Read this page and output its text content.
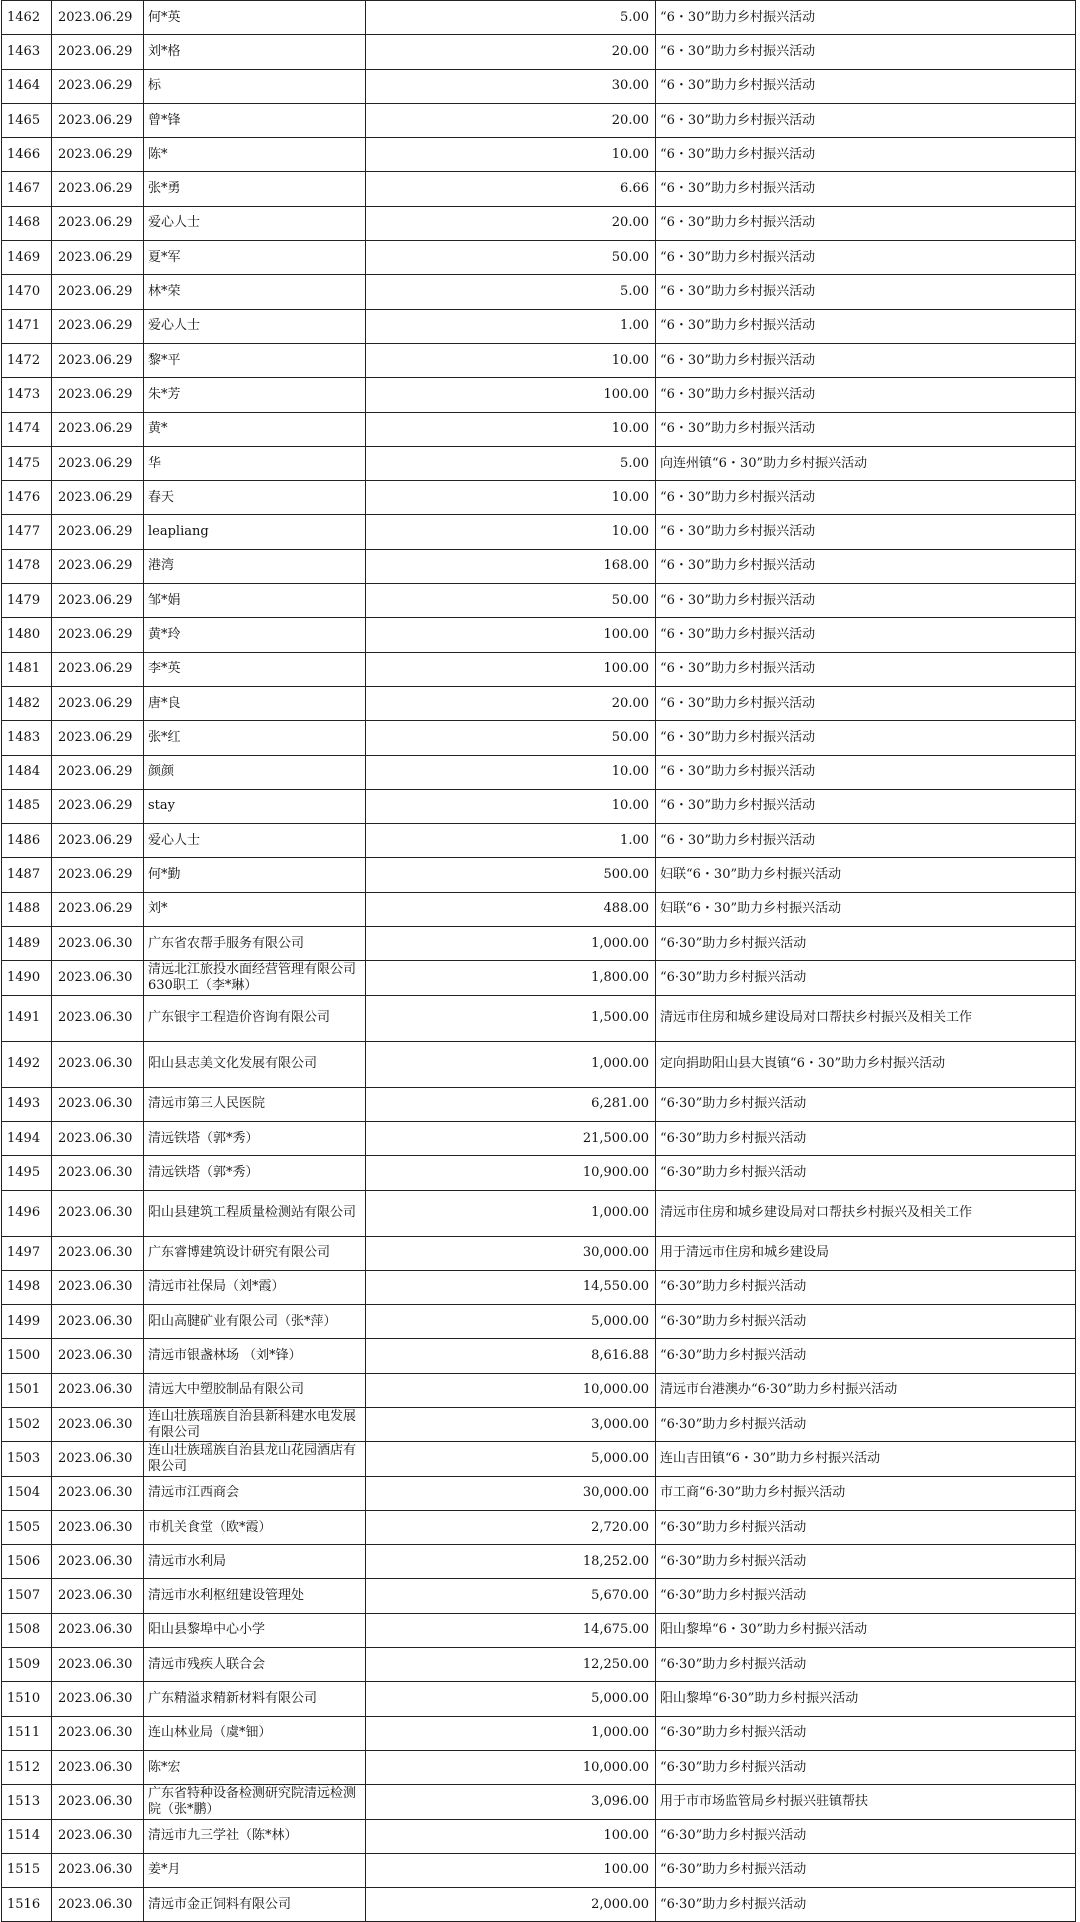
1462	2023.06.29	何*英	5.00	“6・30”助力乡村振兴活动
1463	2023.06.29	刘*格	20.00	“6・30”助力乡村振兴活动
1464	2023.06.29	标	30.00	“6・30”助力乡村振兴活动
1465	2023.06.29	曾*锋	20.00	“6・30”助力乡村振兴活动
1466	2023.06.29	陈*	10.00	“6・30”助力乡村振兴活动
1467	2023.06.29	张*勇	6.66	“6・30”助力乡村振兴活动
1468	2023.06.29	爱心人士	20.00	“6・30”助力乡村振兴活动
1469	2023.06.29	夏*军	50.00	“6・30”助力乡村振兴活动
1470	2023.06.29	林*荣	5.00	“6・30”助力乡村振兴活动
1471	2023.06.29	爱心人士	1.00	“6・30”助力乡村振兴活动
1472	2023.06.29	黎*平	10.00	“6・30”助力乡村振兴活动
1473	2023.06.29	朱*芳	100.00	“6・30”助力乡村振兴活动
1474	2023.06.29	黄*	10.00	“6・30”助力乡村振兴活动
1475	2023.06.29	华	5.00	向连州镇“6・30”助力乡村振兴活动
1476	2023.06.29	春天	10.00	“6・30”助力乡村振兴活动
1477	2023.06.29	leapliang	10.00	“6・30”助力乡村振兴活动
1478	2023.06.29	港湾	168.00	“6・30”助力乡村振兴活动
1479	2023.06.29	邹*娟	50.00	“6・30”助力乡村振兴活动
1480	2023.06.29	黄*玲	100.00	“6・30”助力乡村振兴活动
1481	2023.06.29	李*英	100.00	“6・30”助力乡村振兴活动
1482	2023.06.29	唐*良	20.00	“6・30”助力乡村振兴活动
1483	2023.06.29	张*红	50.00	“6・30”助力乡村振兴活动
1484	2023.06.29	颜颜	10.00	“6・30”助力乡村振兴活动
1485	2023.06.29	stay	10.00	“6・30”助力乡村振兴活动
1486	2023.06.29	爱心人士	1.00	“6・30”助力乡村振兴活动
1487	2023.06.29	何*勤	500.00	妇联“6・30”助力乡村振兴活动
1488	2023.06.29	刘*	488.00	妇联“6・30”助力乡村振兴活动
1489	2023.06.30	广东省农帮手服务有限公司	1,000.00	“6·30”助力乡村振兴活动
1490	2023.06.30	清远北江旅投水面经营管理有限公司630职工（李*琳）	1,800.00	“6·30”助力乡村振兴活动
1491	2023.06.30	广东银宇工程造价咨询有限公司	1,500.00	清远市住房和城乡建设局对口帮扶乡村振兴及相关工作
1492	2023.06.30	阳山县志美文化发展有限公司	1,000.00	定向捐助阳山县大崀镇“6・30”助力乡村振兴活动
1493	2023.06.30	清远市第三人民医院	6,281.00	“6·30”助力乡村振兴活动
1494	2023.06.30	清远铁塔（郭*秀）	21,500.00	“6·30”助力乡村振兴活动
1495	2023.06.30	清远铁塔（郭*秀）	10,900.00	“6·30”助力乡村振兴活动
1496	2023.06.30	阳山县建筑工程质量检测站有限公司	1,000.00	清远市住房和城乡建设局对口帮扶乡村振兴及相关工作
1497	2023.06.30	广东睿博建筑设计研究有限公司	30,000.00	用于清远市住房和城乡建设局
1498	2023.06.30	清远市社保局（刘*霞）	14,550.00	“6·30”助力乡村振兴活动
1499	2023.06.30	阳山高腱矿业有限公司（张*萍）	5,000.00	“6·30”助力乡村振兴活动
1500	2023.06.30	清远市银盏林场 （刘*锋）	8,616.88	“6·30”助力乡村振兴活动
1501	2023.06.30	清远大中塑胶制品有限公司	10,000.00	清远市台港澳办“6·30”助力乡村振兴活动
1502	2023.06.30	连山壮族瑶族自治县新科建水电发展有限公司	3,000.00	“6·30”助力乡村振兴活动
1503	2023.06.30	连山壮族瑶族自治县龙山花园酒店有限公司	5,000.00	连山吉田镇“6・30”助力乡村振兴活动
1504	2023.06.30	清远市江西商会	30,000.00	市工商“6·30”助力乡村振兴活动
1505	2023.06.30	市机关食堂（欧*霞）	2,720.00	“6·30”助力乡村振兴活动
1506	2023.06.30	清远市水利局	18,252.00	“6·30”助力乡村振兴活动
1507	2023.06.30	清远市水利枢纽建设管理处	5,670.00	“6·30”助力乡村振兴活动
1508	2023.06.30	阳山县黎埠中心小学	14,675.00	阳山黎埠“6・30”助力乡村振兴活动
1509	2023.06.30	清远市残疾人联合会	12,250.00	“6·30”助力乡村振兴活动
1510	2023.06.30	广东精溢求精新材料有限公司	5,000.00	阳山黎埠“6·30”助力乡村振兴活动
1511	2023.06.30	连山林业局（虞*钿）	1,000.00	“6·30”助力乡村振兴活动
1512	2023.06.30	陈*宏	10,000.00	“6·30”助力乡村振兴活动
1513	2023.06.30	广东省特种设备检测研究院清远检测院（张*鹏）	3,096.00	用于市市场监管局乡村振兴驻镇帮扶
1514	2023.06.30	清远市九三学社（陈*林）	100.00	“6·30”助力乡村振兴活动
1515	2023.06.30	姜*月	100.00	“6·30”助力乡村振兴活动
1516	2023.06.30	清远市金正饲料有限公司	2,000.00	“6·30”助力乡村振兴活动
